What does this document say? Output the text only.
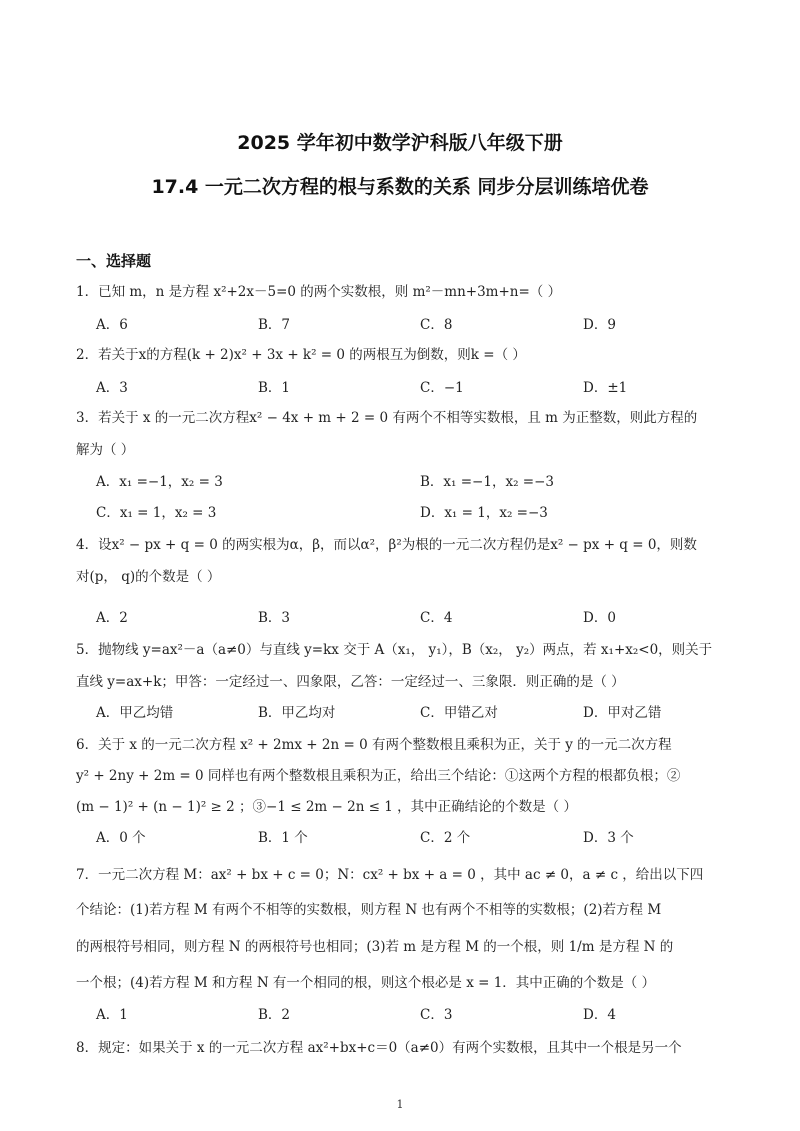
2025 学年初中数学沪科版八年级下册
17.4 一元二次方程的根与系数的关系 同步分层训练培优卷
一、选择题
1．已知 m，n 是方程 x²+2x－5=0 的两个实数根，则 m²－mn+3m+n=（ ）
A．6	B．7	C．8	D．9
2．若关于x的方程(k + 2)x² + 3x + k² = 0 的两根互为倒数，则k =（ ）
A．3	B．1	C．−1	D．±1
3．若关于 x 的一元二次方程x² − 4x + m + 2 = 0 有两个不相等实数根，且 m 为正整数，则此方程的
解为（ ）
A．x₁ =−1，x₂ = 3	B．x₁ =−1，x₂ =−3
C．x₁ = 1，x₂ = 3	D．x₁ = 1，x₂ =−3
4．设x² − px + q = 0 的两实根为α，β，而以α²，β²为根的一元二次方程仍是x² − px + q = 0，则数
对(p， q)的个数是（ ）
A．2	B．3	C．4	D．0
5．抛物线 y=ax²－a（a≠0）与直线 y=kx 交于 A（x₁， y₁），B（x₂， y₂）两点，若 x₁+x₂<0，则关于
直线 y=ax+k；甲答：一定经过一、四象限，乙答：一定经过一、三象限．则正确的是（ ）
A．甲乙均错	B．甲乙均对	C．甲错乙对	D．甲对乙错
6．关于 x 的一元二次方程 x² + 2mx + 2n = 0 有两个整数根且乘积为正，关于 y 的一元二次方程
y² + 2ny + 2m = 0 同样也有两个整数根且乘积为正，给出三个结论：①这两个方程的根都负根；②
(m − 1)² + (n − 1)² ≥ 2 ；③−1 ≤ 2m − 2n ≤ 1 ，其中正确结论的个数是（ ）
A．0 个	B．1 个	C．2 个	D．3 个
7．一元二次方程 M：ax² + bx + c = 0；N：cx² + bx + a = 0 ，其中 ac ≠ 0，a ≠ c ，给出以下四
个结论：(1)若方程 M 有两个不相等的实数根，则方程 N 也有两个不相等的实数根；(2)若方程 M
的两根符号相同，则方程 N 的两根符号也相同；(3)若 m 是方程 M 的一个根，则 1/m 是方程 N 的
一个根；(4)若方程 M 和方程 N 有一个相同的根，则这个根必是 x = 1．其中正确的个数是（ ）
A．1	B．2	C．3	D．4
8．规定：如果关于 x 的一元二次方程 ax²+bx+c＝0（a≠0）有两个实数根，且其中一个根是另一个
1
